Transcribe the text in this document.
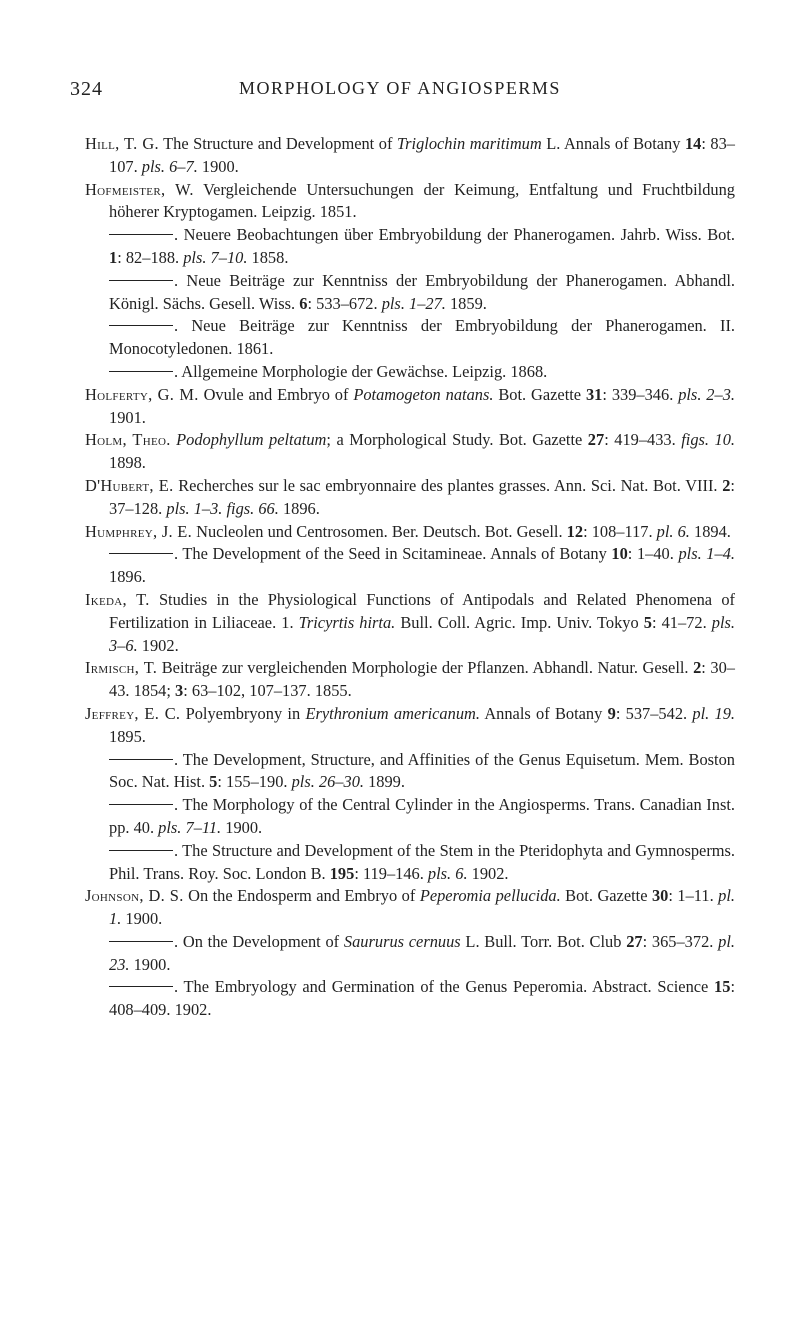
324	MORPHOLOGY OF ANGIOSPERMS

Hill, T. G. The Structure and Development of Triglochin maritimum L. Annals of Botany 14: 83–107. pls. 6–7. 1900.

Hofmeister, W. Vergleichende Untersuchungen der Keimung, Entfaltung und Fruchtbildung höherer Kryptogamen. Leipzig. 1851.

. Neuere Beobachtungen über Embryobildung der Phanerogamen. Jahrb. Wiss. Bot. 1: 82–188. pls. 7–10. 1858.

. Neue Beiträge zur Kenntniss der Embryobildung der Phanerogamen. Abhandl. Königl. Sächs. Gesell. Wiss. 6: 533–672. pls. 1–27. 1859.

. Neue Beiträge zur Kenntniss der Embryobildung der Phanerogamen. II. Monocotyledonen. 1861.

. Allgemeine Morphologie der Gewächse. Leipzig. 1868.

Holferty, G. M. Ovule and Embryo of Potamogeton natans. Bot. Gazette 31: 339–346. pls. 2–3. 1901.

Holm, Theo. Podophyllum peltatum; a Morphological Study. Bot. Gazette 27: 419–433. figs. 10. 1898.

D'Hubert, E. Recherches sur le sac embryonnaire des plantes grasses. Ann. Sci. Nat. Bot. VIII. 2: 37–128. pls. 1–3. figs. 66. 1896.

Humphrey, J. E. Nucleolen und Centrosomen. Ber. Deutsch. Bot. Gesell. 12: 108–117. pl. 6. 1894.

. The Development of the Seed in Scitamineae. Annals of Botany 10: 1–40. pls. 1–4. 1896.

Ikeda, T. Studies in the Physiological Functions of Antipodals and Related Phenomena of Fertilization in Liliaceae. 1. Tricyrtis hirta. Bull. Coll. Agric. Imp. Univ. Tokyo 5: 41–72. pls. 3–6. 1902.

Irmisch, T. Beiträge zur vergleichenden Morphologie der Pflanzen. Abhandl. Natur. Gesell. 2: 30–43. 1854; 3: 63–102, 107–137. 1855.

Jeffrey, E. C. Polyembryony in Erythronium americanum. Annals of Botany 9: 537–542. pl. 19. 1895.

. The Development, Structure, and Affinities of the Genus Equisetum. Mem. Boston Soc. Nat. Hist. 5: 155–190. pls. 26–30. 1899.

. The Morphology of the Central Cylinder in the Angiosperms. Trans. Canadian Inst. pp. 40. pls. 7–11. 1900.

. The Structure and Development of the Stem in the Pteridophyta and Gymnosperms. Phil. Trans. Roy. Soc. London B. 195: 119–146. pls. 6. 1902.

Johnson, D. S. On the Endosperm and Embryo of Peperomia pellucida. Bot. Gazette 30: 1–11. pl. 1. 1900.

. On the Development of Saururus cernuus L. Bull. Torr. Bot. Club 27: 365–372. pl. 23. 1900.

. The Embryology and Germination of the Genus Peperomia. Abstract. Science 15: 408–409. 1902.
